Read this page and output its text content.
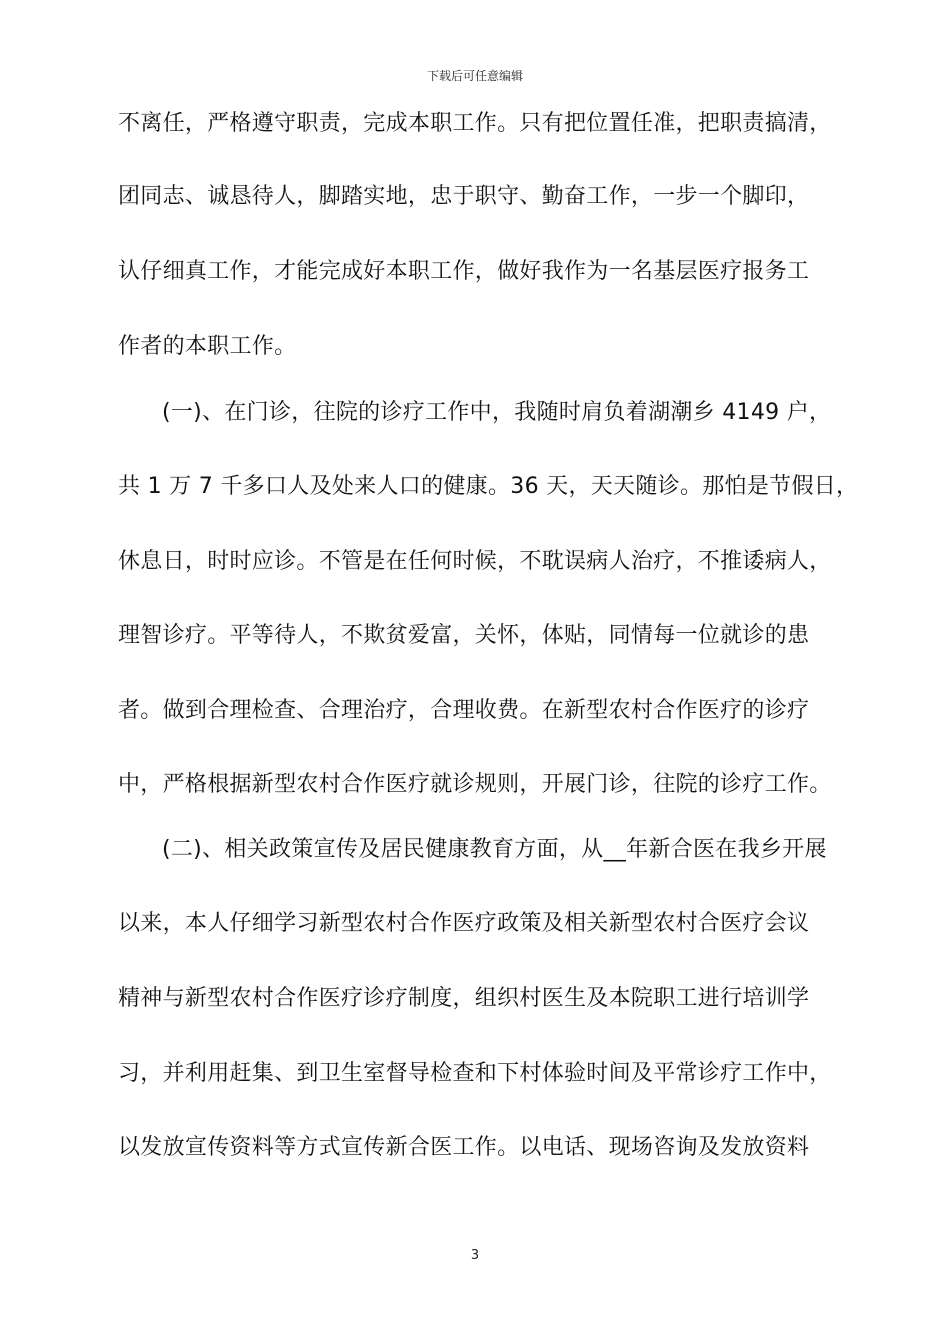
下载后可任意编辑
不离任，严格遵守职责，完成本职工作。只有把位置任准，把职责搞清，
团同志、诚恳待人，脚踏实地，忠于职守、勤奋工作，一步一个脚印，
认仔细真工作，才能完成好本职工作，做好我作为一名基层医疗报务工
作者的本职工作。
(一)、在门诊，往院的诊疗工作中，我随时肩负着湖潮乡 4149 户，
共 1 万 7 千多口人及处来人口的健康。36 天，天天随诊。那怕是节假日，
休息日，时时应诊。不管是在任何时候，不耽误病人治疗，不推诿病人，
理智诊疗。平等待人，不欺贫爱富，关怀，体贴，同情每一位就诊的患
者。做到合理检查、合理治疗，合理收费。在新型农村合作医疗的诊疗
中，严格根据新型农村合作医疗就诊规则，开展门诊，往院的诊疗工作。
(二)、相关政策宣传及居民健康教育方面，从__年新合医在我乡开展
以来，本人仔细学习新型农村合作医疗政策及相关新型农村合医疗会议
精神与新型农村合作医疗诊疗制度，组织村医生及本院职工进行培训学
习，并利用赶集、到卫生室督导检查和下村体验时间及平常诊疗工作中，
以发放宣传资料等方式宣传新合医工作。以电话、现场咨询及发放资料
3
